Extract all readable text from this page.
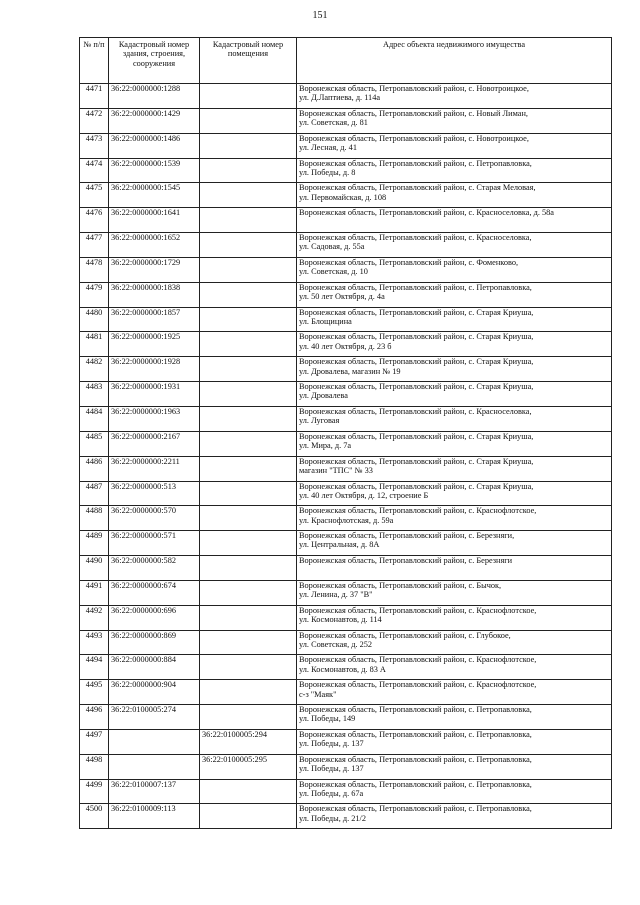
151
№ п/п	Кадастровый номер здания, строения, сооружения	Кадастровый номер помещения	Адрес объекта недвижимого имущества
4471	36:22:0000000:1288		Воронежская область, Петропавловский район, с. Новотроицкое,
ул. Д.Лаптиева, д. 114а

4472	36:22:0000000:1429		Воронежская область, Петропавловский район, с. Новый Лиман,
ул. Советская, д. 81

4473	36:22:0000000:1486		Воронежская область, Петропавловский район, с. Новотроицкое,
ул. Лесная, д. 41

4474	36:22:0000000:1539		Воронежская область, Петропавловский район, с. Петропавловка,
ул. Победы, д. 8

4475	36:22:0000000:1545		Воронежская область, Петропавловский район, с. Старая Меловая,
ул. Первомайская, д. 108

4476	36:22:0000000:1641		Воронежская область, Петропавловский район, с. Красноселовка, д. 58а

4477	36:22:0000000:1652		Воронежская область, Петропавловский район, с. Красноселовка,
ул. Садовая, д. 55а

4478	36:22:0000000:1729		Воронежская область, Петропавловский район, с. Фоменково,
ул. Советская, д. 10

4479	36:22:0000000:1838		Воронежская область, Петропавловский район, с. Петропавловка,
ул. 50 лет Октября, д. 4а

4480	36:22:0000000:1857		Воронежская область, Петропавловский район, с. Старая Криуша,
ул. Блощицина

4481	36:22:0000000:1925		Воронежская область, Петропавловский район, с. Старая Криуша,
ул. 40 лет Октября, д. 23 б

4482	36:22:0000000:1928		Воронежская область, Петропавловский район, с. Старая Криуша,
ул. Дровалева, магазин № 19

4483	36:22:0000000:1931		Воронежская область, Петропавловский район, с. Старая Криуша,
ул. Дровалева

4484	36:22:0000000:1963		Воронежская область, Петропавловский район, с. Красноселовка,
ул. Луговая

4485	36:22:0000000:2167		Воронежская область, Петропавловский район, с. Старая Криуша,
ул. Мира, д. 7а

4486	36:22:0000000:2211		Воронежская область, Петропавловский район, с. Старая Криуша,
магазин "ТПС" № 33

4487	36:22:0000000:513		Воронежская область, Петропавловский район, с. Старая Криуша,
ул. 40 лет Октября, д. 12, строение Б

4488	36:22:0000000:570		Воронежская область, Петропавловский район, с. Краснофлотское,
ул. Краснофлотская, д. 59а

4489	36:22:0000000:571		Воронежская область, Петропавловский район, с. Березняги,
ул. Центральная, д. 8А

4490	36:22:0000000:582		Воронежская область, Петропавловский район, с. Березняги

4491	36:22:0000000:674		Воронежская область, Петропавловский район, с. Бычок,
ул. Ленина, д. 37 "В"

4492	36:22:0000000:696		Воронежская область, Петропавловский район, с. Краснофлотское,
ул. Космонавтов, д. 114

4493	36:22:0000000:869		Воронежская область, Петропавловский район, с. Глубокое,
ул. Советская, д. 252

4494	36:22:0000000:884		Воронежская область, Петропавловский район, с. Краснофлотское,
ул. Космонавтов, д. 83 А

4495	36:22:0000000:904		Воронежская область, Петропавловский район, с. Краснофлотское,
с-з "Маяк"

4496	36:22:0100005:274		Воронежская область, Петропавловский район, с. Петропавловка,
ул. Победы, 149

4497		36:22:0100005:294	Воронежская область, Петропавловский район, с. Петропавловка,
ул. Победы, д. 137

4498		36:22:0100005:295	Воронежская область, Петропавловский район, с. Петропавловка,
ул. Победы, д. 137

4499	36:22:0100007:137		Воронежская область, Петропавловский район, с. Петропавловка,
ул. Победы, д. 67а

4500	36:22:0100009:113		Воронежская область, Петропавловский район, с. Петропавловка,
ул. Победы, д. 21/2
